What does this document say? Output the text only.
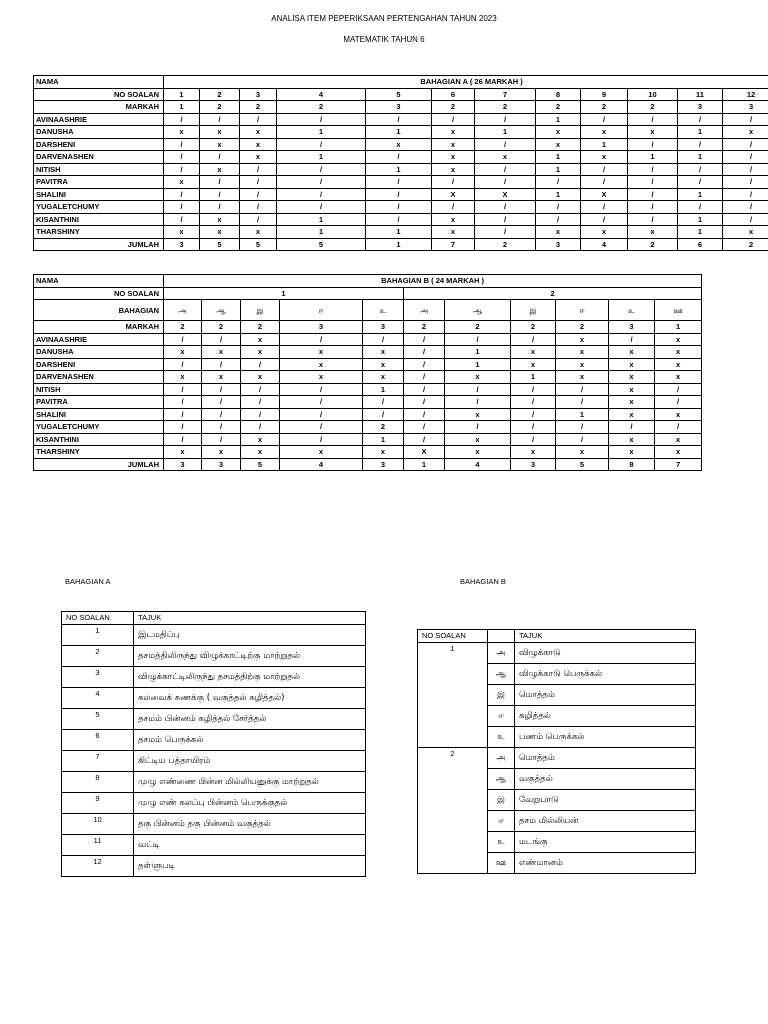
ANALISA ITEM PEPERIKSAAN PERTENGAHAN TAHUN 2023
MATEMATIK TAHUN 6
NAMA	BAHAGIAN A ( 26 MARKAH )											
NO SOALAN	1	2	3	4	5	6	7	8	9	10	11	12
MARKAH	1	2	2	2	3	2	2	2	2	2	3	3
AVINAASHRIE	/	/	/	/	/	/	/	1	/	/	/	/
DANUSHA	x	x	x	1	1	x	1	x	x	x	1	x
DARSHENI	/	x	x	/	x	x	/	x	1	/	/	/
DARVENASHEN	/	/	x	1	/	x	x	1	x	1	1	/
NITISH	/	x	/	/	1	x	/	1	/	/	/	/
PAVITRA	x	/	/	/	/	/	/	/	/	/	/	/
SHALINI	/	/	/	/	/	X	X	1	X	/	1	/
YUGALETCHUMY	/	/	/	/	/	/	/	/	/	/	/	/
KISANTHINI	/	x	/	1	/	x	/	/	/	/	1	/
THARSHINY	x	x	x	1	1	x	/	x	x	x	1	x
JUMLAH	3	5	5	5	1	7	2	3	4	2	6	2
NAMA	BAHAGIAN B ( 24 MARKAH )										
NO SOALAN	1					2					
BAHAGIAN	அ	ஆ	இ	ஈ	உ	அ	ஆ	இ	ஈ	உ	ஊ
MARKAH	2	2	2	3	3	2	2	2	2	3	1
AVINAASHRIE	/	/	x	/	/	/	/	/	x	/	x
DANUSHA	x	x	x	x	x	/	1	x	x	x	x
DARSHENI	/	/	/	x	x	/	1	x	x	x	x
DARVENASHEN	x	x	x	x	x	/	x	1	x	x	x
NITISH	/	/	/	/	1	/	/	/	/	x	/
PAVITRA	/	/	/	/	/	/	/	/	/	x	/
SHALINI	/	/	/	/	/	/	x	/	1	x	x
YUGALETCHUMY	/	/	/	/	2	/	/	/	/	/	/
KISANTHINI	/	/	x	/	1	/	x	/	/	x	x
THARSHINY	x	x	x	x	x	X	x	x	x	x	x
JUMLAH	3	3	5	4	3	1	4	3	5	8	7
BAHAGIAN A	BAHAGIAN B
NO SOALAN	TAJUK
1	இடமதிப்பு
2	தசமத்திலிருந்து விழுக்காட்டிற்கு மாற்றுதல்
3	விழுக்காட்டிலிருந்து தசமத்திற்கு மாற்றுதல்
4	கலவைக் கணக்கு ( வகுத்தல் கழித்தல்)
5	தசமம் பின்னம் கழித்தல் சேர்த்தல்
6	தசமம் பெருக்கல்
7	கிட்டிய பத்தாயிரம்
8	முழு எண்ணை பின்ன மில்லியனுக்கு மாற்றுதல்
9	முழு எண் கலப்பு பின்னம் பெருக்குதல்
10	தகு பின்னம் தகு பின்னம் வகுத்தல்
11	வட்டி
12	தள்ளுபடி
NO SOALAN		TAJUK
1	அ	விழுக்காடு
	ஆ	விழுக்காடு பெருக்கல்
	இ	மொத்தம்
	ஈ	கழித்தல்
	உ	பணம் பெருக்கல்
2	அ	மொத்தம்
	ஆ	வகுத்தல்
	இ	வேறுபாடு
	ஈ	தசம மில்லியன்
	உ	மடங்கு
	ஊ	எண்மானம்
